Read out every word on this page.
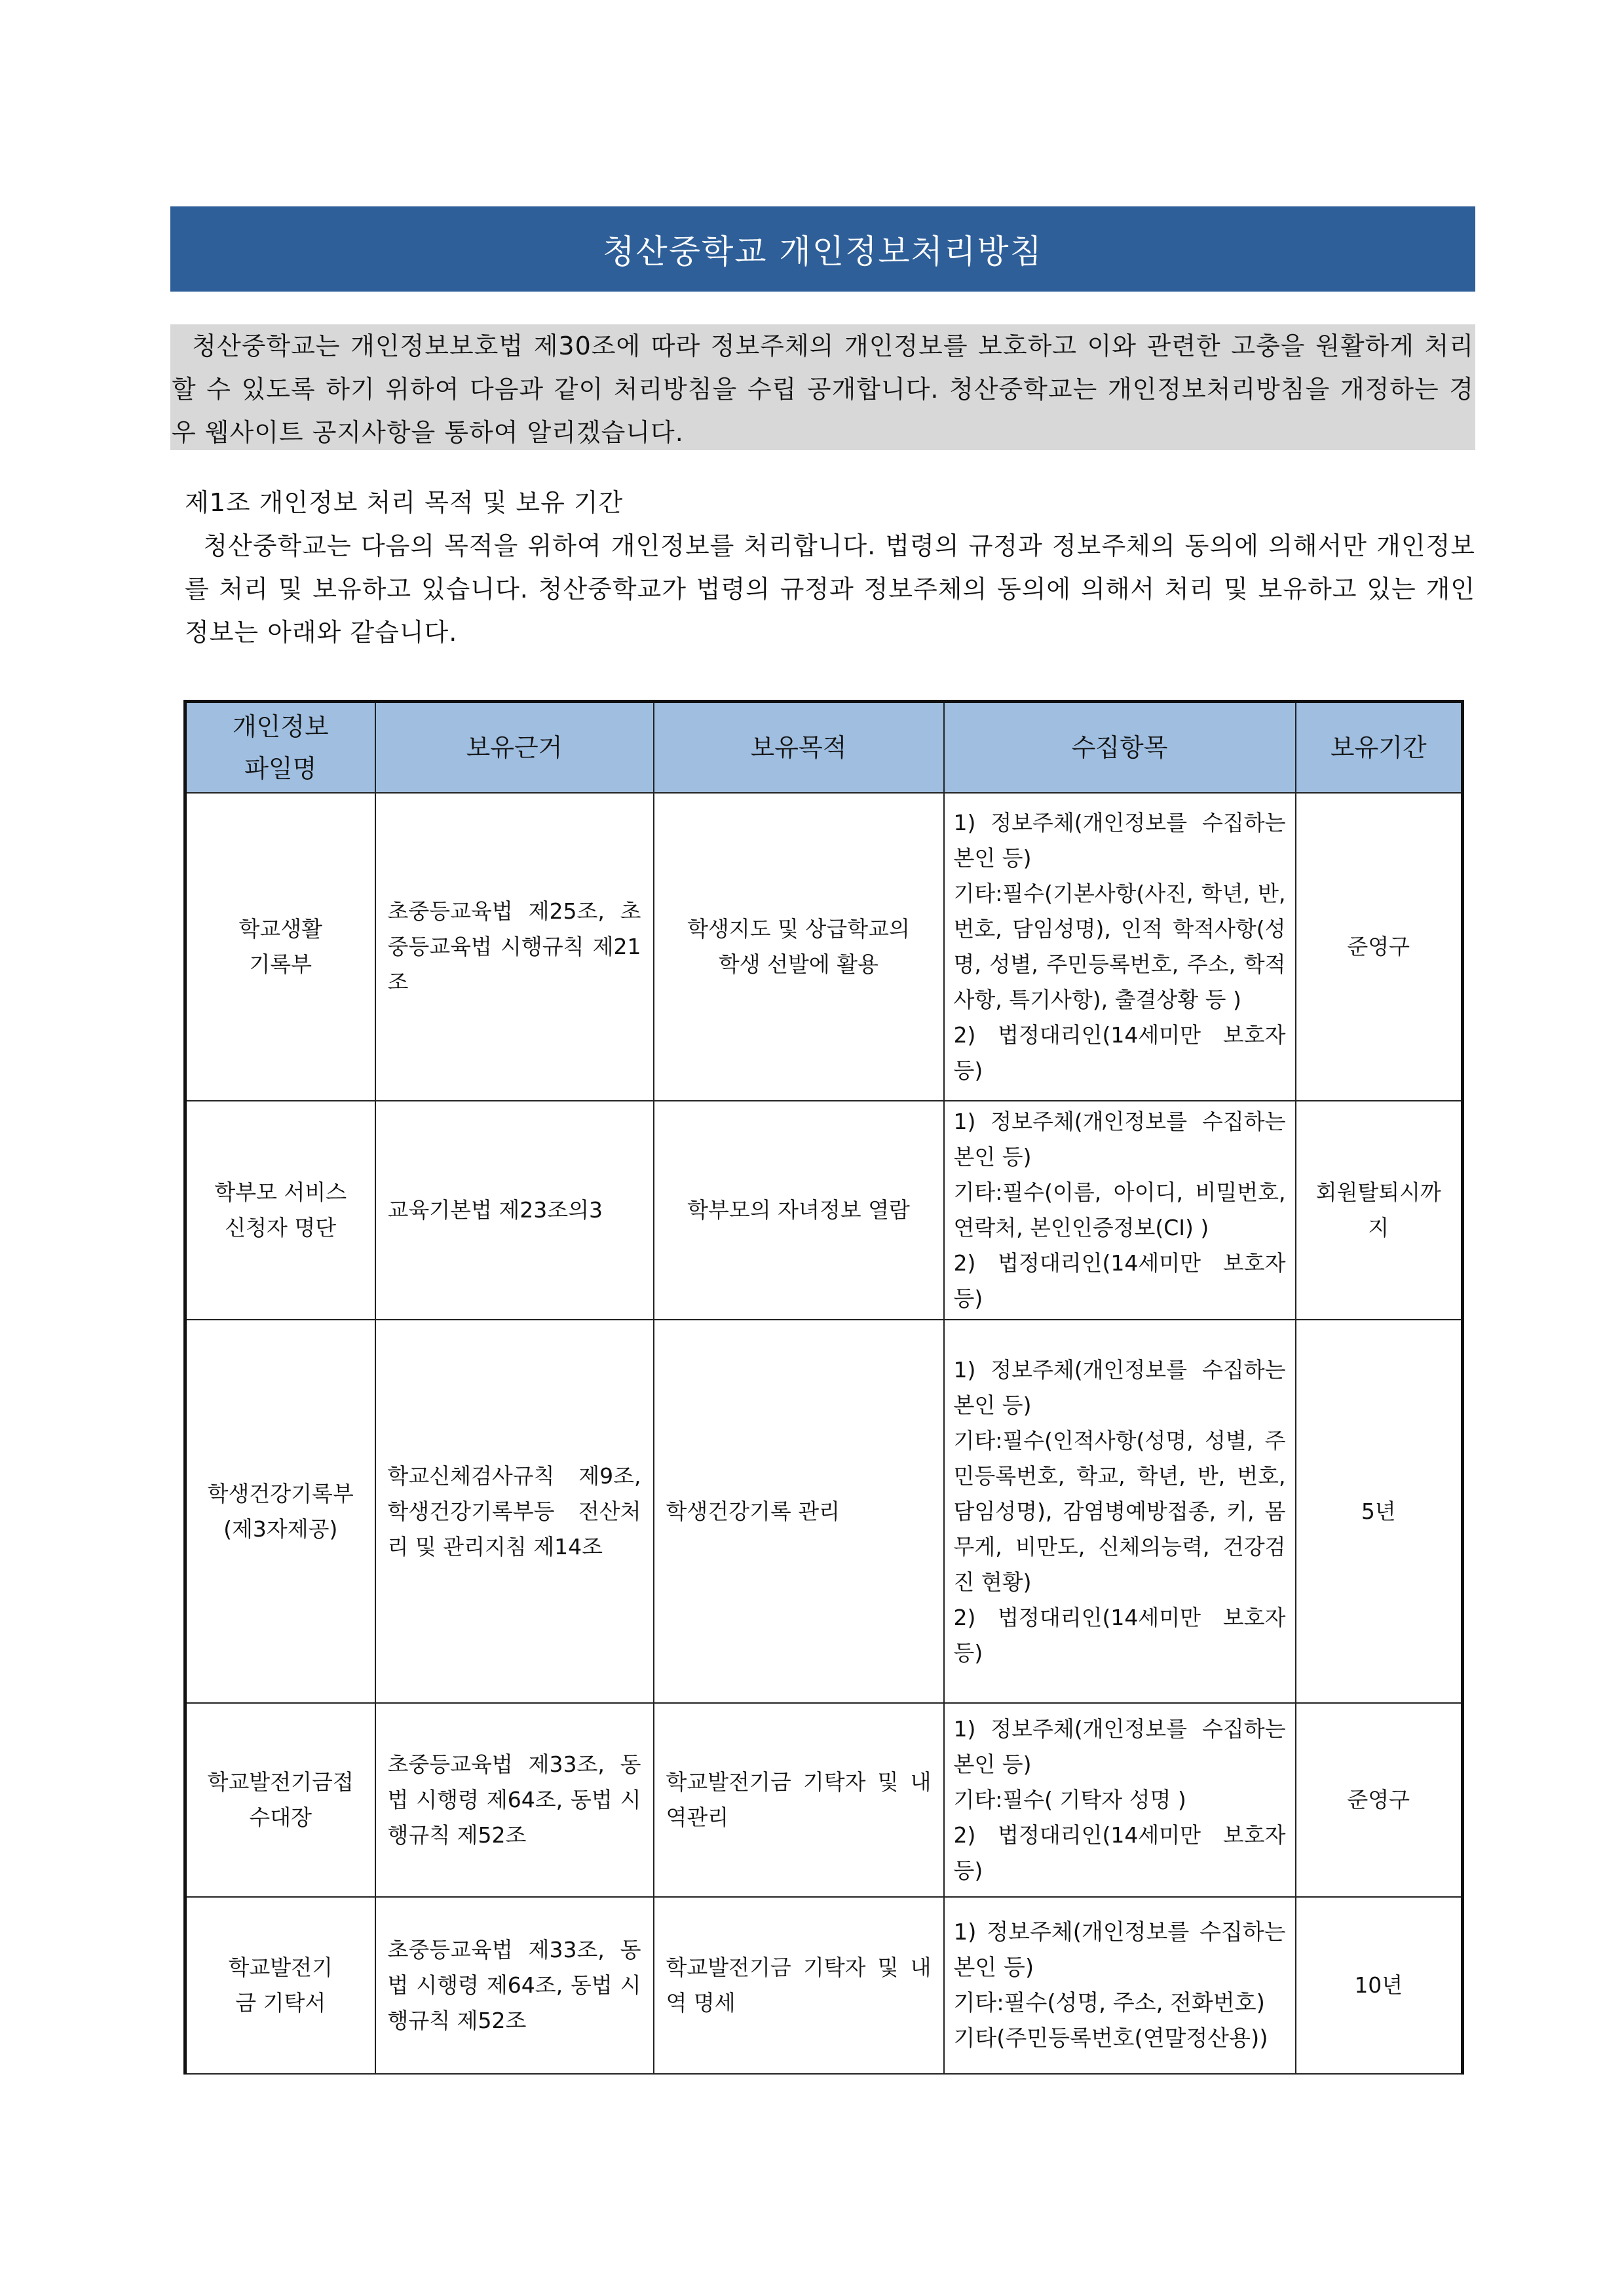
청산중학교 개인정보처리방침
청산중학교는 개인정보보호법 제30조에 따라 정보주체의 개인정보를 보호하고 이와 관련한 고충을 원활하게 처리할 수 있도록 하기 위하여 다음과 같이 처리방침을 수립 공개합니다. 청산중학교는 개인정보처리방침을 개정하는 경우 웹사이트 공지사항을 통하여 알리겠습니다.
제1조 개인정보 처리 목적 및 보유 기간
청산중학교는 다음의 목적을 위하여 개인정보를 처리합니다. 법령의 규정과 정보주체의 동의에 의해서만 개인정보를 처리 및 보유하고 있습니다. 청산중학교가 법령의 규정과 정보주체의 동의에 의해서 처리 및 보유하고 있는 개인정보는 아래와 같습니다.
개인정보 파일명	보유근거	보유목적	수집항목	보유기간
학교생활 기록부	초중등교육법 제25조, 초중등교육법 시행규칙 제21조	학생지도 및 상급학교의 학생 선발에 활용	1) 정보주체(개인정보를 수집하는 본인 등)
기타:필수(기본사항(사진, 학년, 반, 번호, 담임성명), 인적 학적사항(성명, 성별, 주민등록번호, 주소, 학적사항, 특기사항), 출결상황 등 )
2) 법정대리인(14세미만 보호자 등)	준영구
학부모 서비스 신청자 명단	교육기본법 제23조의3	학부모의 자녀정보 열람	1) 정보주체(개인정보를 수집하는 본인 등)
기타:필수(이름, 아이디, 비밀번호, 연락처, 본인인증정보(CI) )
2) 법정대리인(14세미만 보호자 등)	회원탈퇴시까지
학생건강기록부 (제3자제공)	학교신체검사규칙 제9조, 학생건강기록부등 전산처리 및 관리지침 제14조	학생건강기록 관리	1) 정보주체(개인정보를 수집하는 본인 등)
기타:필수(인적사항(성명, 성별, 주민등록번호, 학교, 학년, 반, 번호, 담임성명), 감염병예방접종, 키, 몸무게, 비만도, 신체의능력, 건강검진 현황)
2) 법정대리인(14세미만 보호자 등)	5년
학교발전기금접수대장	초중등교육법 제33조, 동법 시행령 제64조, 동법 시행규칙 제52조	학교발전기금 기탁자 및 내역관리	1) 정보주체(개인정보를 수집하는 본인 등)
기타:필수( 기탁자 성명 )
2) 법정대리인(14세미만 보호자 등)	준영구
학교발전기금 기탁서	초중등교육법 제33조, 동법 시행령 제64조, 동법 시행규칙 제52조	학교발전기금 기탁자 및 내역 명세	1) 정보주체(개인정보를 수집하는 본인 등)
기타:필수(성명, 주소, 전화번호)
기타(주민등록번호(연말정산용))	10년
